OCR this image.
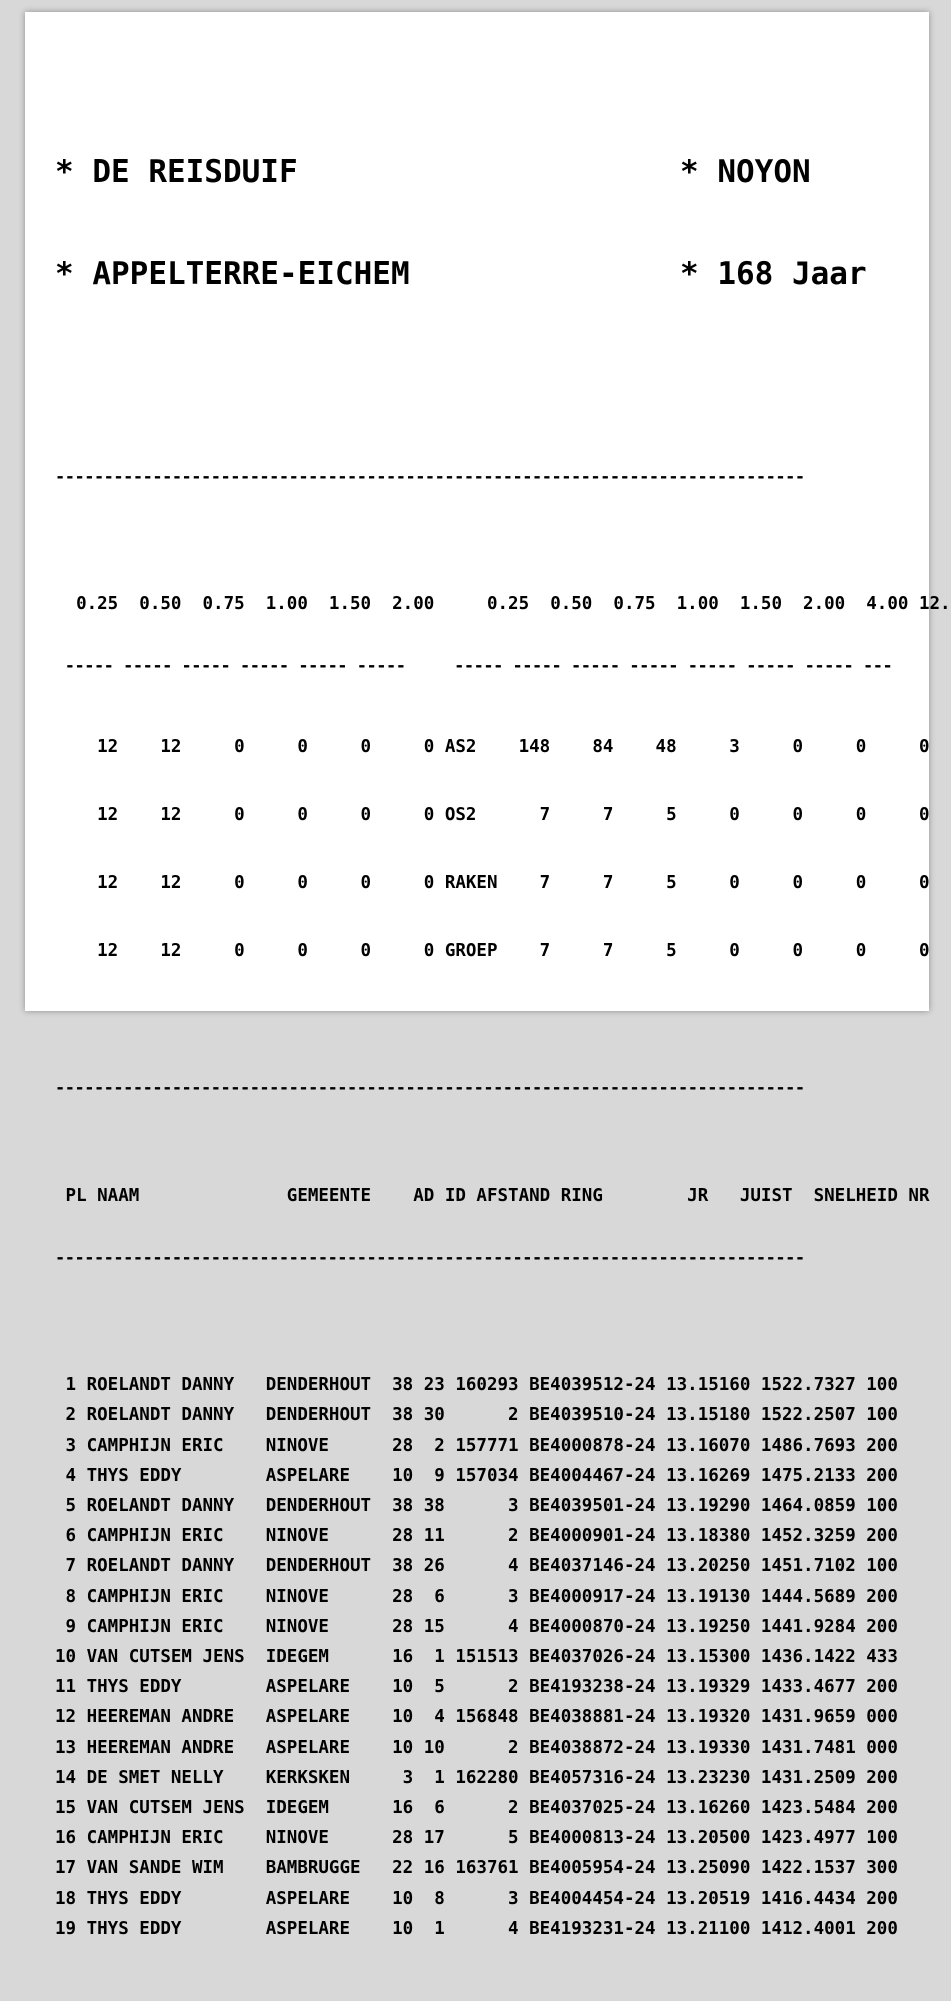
* DE REISDUIF	* NOYON

* APPELTERRE-EICHEM	* 168 Jaar

-----------------------------------------------------------------------------

0.25  0.50  0.75  1.00  1.50  2.00     0.25  0.50  0.75  1.00  1.50  2.00  4.00 12.

----- ----- ----- ----- ----- -----     ----- ----- ----- ----- ----- ----- ----- ---

12    12     0     0     0     0 AS2    148    84    48     3     0     0     0

12    12     0     0     0     0 OS2      7     7     5     0     0     0     0

12    12     0     0     0     0 RAKEN    7     7     5     0     0     0     0

12    12     0     0     0     0 GROEP    7     7     5     0     0     0     0

-----------------------------------------------------------------------------

PL NAAM              GEMEENTE    AD ID AFSTAND RING        JR   JUIST  SNELHEID NR

-----------------------------------------------------------------------------

1 ROELANDT DANNY   DENDERHOUT  38 23 160293 BE4039512-24 13.15160 1522.7327 100
2 ROELANDT DANNY   DENDERHOUT  38 30      2 BE4039510-24 13.15180 1522.2507 100
3 CAMPHIJN ERIC    NINOVE      28  2 157771 BE4000878-24 13.16070 1486.7693 200
4 THYS EDDY        ASPELARE    10  9 157034 BE4004467-24 13.16269 1475.2133 200
5 ROELANDT DANNY   DENDERHOUT  38 38      3 BE4039501-24 13.19290 1464.0859 100
6 CAMPHIJN ERIC    NINOVE      28 11      2 BE4000901-24 13.18380 1452.3259 200
7 ROELANDT DANNY   DENDERHOUT  38 26      4 BE4037146-24 13.20250 1451.7102 100
8 CAMPHIJN ERIC    NINOVE      28  6      3 BE4000917-24 13.19130 1444.5689 200
9 CAMPHIJN ERIC    NINOVE      28 15      4 BE4000870-24 13.19250 1441.9284 200
10 VAN CUTSEM JENS  IDEGEM      16  1 151513 BE4037026-24 13.15300 1436.1422 433
11 THYS EDDY        ASPELARE    10  5      2 BE4193238-24 13.19329 1433.4677 200
12 HEEREMAN ANDRE   ASPELARE    10  4 156848 BE4038881-24 13.19320 1431.9659 000
13 HEEREMAN ANDRE   ASPELARE    10 10      2 BE4038872-24 13.19330 1431.7481 000
14 DE SMET NELLY    KERKSKEN     3  1 162280 BE4057316-24 13.23230 1431.2509 200
15 VAN CUTSEM JENS  IDEGEM      16  6      2 BE4037025-24 13.16260 1423.5484 200
16 CAMPHIJN ERIC    NINOVE      28 17      5 BE4000813-24 13.20500 1423.4977 100
17 VAN SANDE WIM    BAMBRUGGE   22 16 163761 BE4005954-24 13.25090 1422.1537 300
18 THYS EDDY        ASPELARE    10  8      3 BE4004454-24 13.20519 1416.4434 200
19 THYS EDDY        ASPELARE    10  1      4 BE4193231-24 13.21100 1412.4001 200
